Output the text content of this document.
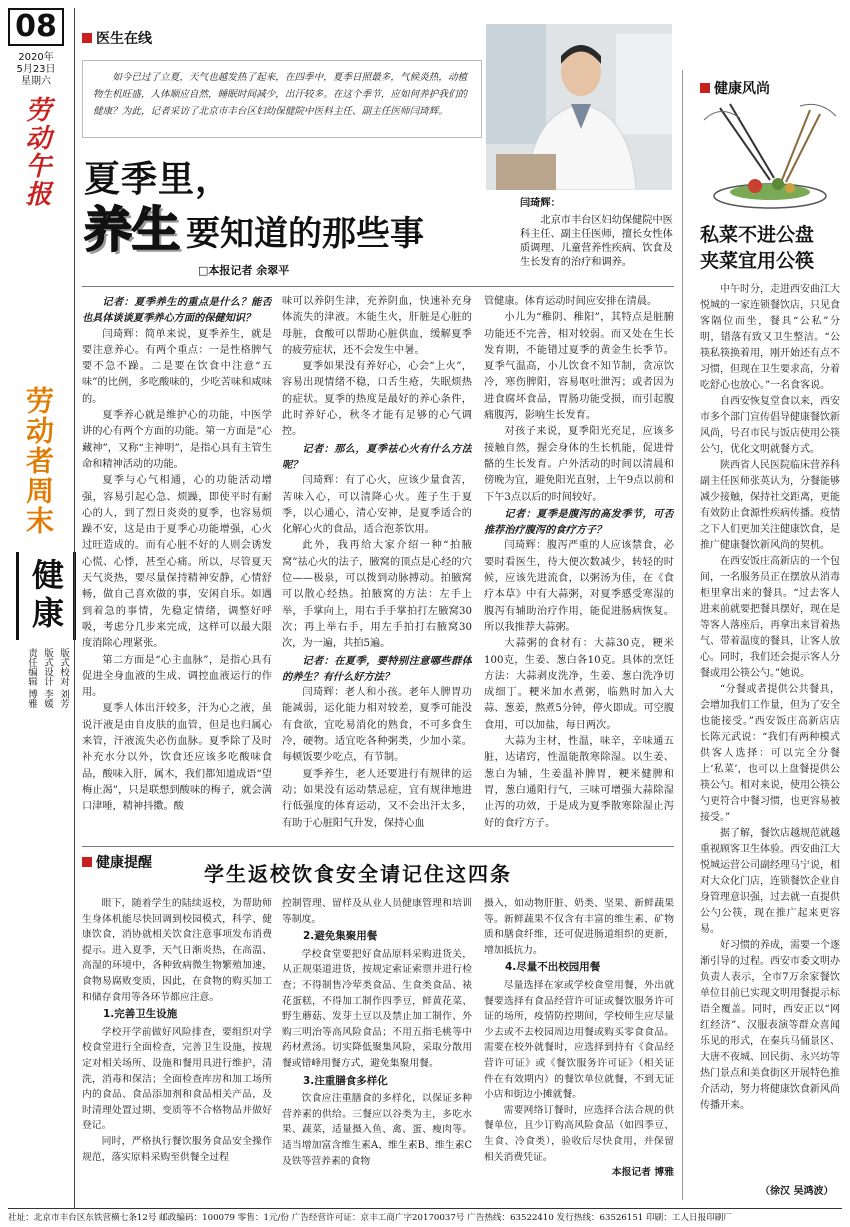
08
2020年
5月23日
星期六
劳动午报
劳动者周末
健康
版式校对 刘芳
版式设计 李媛
责任编辑 博雅
医生在线
如今已过了立夏，天气也越发热了起来，在四季中，夏季日照最多，气候炎热，动植物生机旺盛，人体顺应自然，睡眠时间减少，出汗较多。在这个季节，应如何养护我们的健康？为此，记者采访了北京市丰台区妇幼保健院中医科主任、副主任医师闫琦辉。
夏季里，
养生 要知道的那些事
□本报记者 余翠平
闫琦辉：
北京市丰台区妇幼保健院中医科主任、副主任医师，擅长女性体质调理、儿童营养性疾病、饮食及生长发育的治疗和调养。

记者：夏季养生的重点是什么？能否也具体谈谈夏季养心方面的保健知识？

闫琦辉：简单来说，夏季养生，就是要注意养心。有两个重点：一是性格脾气要不急不躁。二是要在饮食中注意“五味”的比例，多吃酸味的，少吃苦味和咸味的。

夏季养心就是维护心的功能，中医学讲的心有两个方面的功能。第一方面是“心藏神”，又称“主神明”，是指心具有主管生命和精神活动的功能。

夏季与心气相通，心的功能活动增强，容易引起心急、烦躁，即使平时有耐心的人，到了烈日炎炎的夏季，也容易烦躁不安，这是由于夏季心功能增强，心火过旺造成的。而有心脏不好的人则会诱发心慌、心悸，甚至心痛。所以，尽管夏天天气炎热，要尽量保持精神安静，心情舒畅，做自己喜欢做的事，安闲自乐。如遇到着急的事情，先稳定情绪，调整好呼吸，考虑分几步来完成，这样可以最大限度消除心理紧张。

第二方面是“心主血脉”，是指心具有促进全身血液的生成、调控血液运行的作用。

夏季人体出汗较多，汗为心之液，虽说汗液是由自皮肤的血管，但是也归属心来管，汗液流失必伤血脉。夏季除了及时补充水分以外，饮食还应该多吃酸味食品，酸味入肝，属木，我们都知道成语“望梅止渴”，只是联想到酸味的梅子，就会满口津唾，精神抖擞。酸

味可以养阴生津，充养阴血，快速补充身体流失的津液。木能生火，肝脏是心脏的母脏，食酸可以帮助心脏供血，缓解夏季的疲劳症状，还不会发生中暑。

夏季如果没有养好心，心会“上火”，容易出现情绪不稳，口舌生疮，失眠烦热的症状。夏季的热度是最好的养心条件，此时养好心，秋冬才能有足够的心气调控。

记者：那么，夏季祛心火有什么方法呢？

闫琦辉：有了心火，应该少量食苦，苦味入心，可以清降心火。莲子生于夏季，以心通心，清心安神，是夏季适合的化解心火的食品，适合泡茶饮用。

此外，我再给大家介绍一种“拍腋窝”祛心火的法子，腋窝的顶点是心经的穴位——极泉，可以拨到动脉搏动。拍腋窝可以散心经热。拍腋窝的方法：左手上举，手掌向上，用右手手掌拍打左腋窝30次；再上举右手，用左手拍打右腋窝30次，为一遍，共拍5遍。

记者：在夏季，要特别注意哪些群体的养生？有什么好方法？

闫琦辉：老人和小孩。老年人脾胃功能减弱，运化能力相对较差，夏季可能没有食欲，宜吃易消化的熟食，不可多食生冷，硬物。适宜吃各种粥类，少加小菜。每顿饭要少吃点，有节制。

夏季养生，老人还要进行有规律的运动；如果没有运动禁忌症，宜有规律地进行低强度的体育运动，又不会出汗太多，有助于心脏阳气升发，保持心血

管健康。体育运动时间应安排在清晨。

小儿为“稚阴、稚阳”，其特点是脏腑功能还不完善，相对较弱。而又处在生长发育期，不能错过夏季的黄金生长季节。夏季气温高，小儿饮食不知节制，贪凉饮冷，寒伤脾阳，容易呕吐泄泻；或者因为进食腐坏食品，胃肠功能受损，而引起腹痛腹泻，影响生长发育。

对孩子来说，夏季阳光充足，应该多接触自然，握会身体的生长机能，促进骨骼的生长发育。户外活动的时间以清晨和傍晚为宜，避免阳光直射，上午9点以前和下午3点以后的时间较好。

记者：夏季是腹泻的高发季节，可否推荐治疗腹泻的食疗方子？

闫琦辉：腹泻严重的人应该禁食，必要时看医生，待大便次数减少，转轻的时候，应该先进流食，以粥汤为佳，在《食疗本草》中有大蒜粥，对夏季感受寒湿的腹泻有辅助治疗作用，能促进肠病恢复。所以我推荐大蒜粥。

大蒜粥的食材有：大蒜30克，粳米100克，生姜、葱白各10克。具体的烹饪方法：大蒜剥皮洗净，生姜、葱白洗净切成细丁。粳米加水煮粥，临熟时加入大蒜、葱姜，熬煮5分钟，停火即成。可空腹食用，可以加盐，每日两次。

大蒜为主材，性温，味辛，辛味通五脏，达诸窍，性温能散寒除湿。以生姜、葱白为辅，生姜温补脾胃，粳米健脾和胃，葱白通阳行气，三味可增强大蒜除湿止泻的功效，于是成为夏季散寒除湿止泻好的食疗方子。

健康风尚
私菜不进公盘
夹菜宜用公筷

中午时分，走进西安曲江大悦城的一家连锁餐饮店，只见食客隔位而坐，餐具“公私”分明，错落有致又卫生整洁。“公筷私筷换着用，刚开始还有点不习惯，但现在卫生要求高，分着吃舒心也放心。”一名食客说。

自西安恢复堂食以来，西安市多个部门宣传倡导健康餐饮新风尚，号召市民与饭店使用公筷公勺，优化文明就餐方式。

陕西省人民医院临床营养科副主任医师张英认为，分餐能够减少接触，保持社交距离，更能有效防止食源性疾病传播。疫情之下人们更加关注健康饮食，是推广健康餐饮新风尚的契机。

在西安饭庄高新店的一个包间，一名服务员正在摆放从消毒柜里拿出来的餐具。“过去客人进来前就要把餐具摆好，现在是等客人落座后，再拿出来冒着热气、带着温度的餐具，让客人放心。同时，我们还会提示客人分餐或用公筷公勺。”她说。

“分餐或者提供公共餐具，会增加我们工作量，但为了安全也能接受。”西安饭庄高新店店长陈元武说：“我们有两种模式供客人选择：可以完全分餐上‘私菜’，也可以上盘餐提供公筷公勺。相对来说，使用公筷公勺更符合中餐习惯，也更容易被接受。”

据了解，餐饮店越规范就越重视顾客卫生体验。西安曲江大悦城运营公司副经理马宁说，相对大众化门店，连锁餐饮企业自身管理意识强，过去就一直提供公勺公筷，现在推广起来更容易。

好习惯的养成，需要一个逐渐引导的过程。西安市委文明办负责人表示，全市7万余家餐饮单位目前已实现文明用餐提示标语全覆盖。同时，西安正以“网红经济”、汉服表演等群众喜闻乐见的形式，在秦兵马俑景区、大唐不夜城、回民街、永兴坊等热门景点和美食街区开展特色推介活动，努力将健康饮食新风尚传播开来。

（徐汉 吴鸿波）
健康提醒	学生返校饮食安全请记住这四条

眼下，随着学生的陆续返校，为帮助师生身体机能尽快回调到校园模式，科学、健康饮食，消协就相关饮食注意事项发布消费提示。进入夏季，天气日渐炎热，在高温、高湿的环境中，各种致病微生物繁殖加速，食物易腐败变质，因此，在食物的购买加工和储存食用等各环节都应注意。

1.完善卫生设施

学校开学前做好风险排查，要组织对学校食堂进行全面检查，完善卫生设施，按规定对相关场所、设施和餐用具进行维护，清洗，消毒和保洁；全面检查库房和加工场所内的食品、食品添加剂和食品相关产品，及时清理处置过期、变质等不合格物品并做好登记。

同时，严格执行餐饮服务食品安全操作规范，落实原料采购至供餐全过程

控制管理、留样及从业人员健康管理和培训等制度。

2.避免集聚用餐

学校食堂要把好食品原料采购进货关，从正规渠道进货，按规定索证索票并进行检查；不得制售冷荤类食品、生食类食品、裱花蛋糕，不得加工制作四季豆，鲜黄花菜、野生蘑菇、发芽土豆以及禁止加工制作、外购三明治等高风险食品；不用五指毛桃等中药材煮汤。切实降低聚集风险，采取分散用餐或错峰用餐方式，避免集聚用餐。

3.注重膳食多样化

饮食应注重膳食的多样化，以保证多种营养素的供给。三餐应以谷类为主，多吃水果、蔬菜，适量摄入鱼、禽、蛋、瘦肉等。适当增加富含维生素A、维生素B、维生素C及铁等营养素的食物

摄入，如动物肝脏、奶类、坚果、新鲜蔬果等。新鲜蔬果不仅含有丰富的维生素、矿物质和膳食纤维，还可促进肠道组织的更新，增加抵抗力。

4.尽量不出校园用餐

尽量选择在家或学校食堂用餐，外出就餐要选择有食品经营许可证或餐饮服务许可证的场所，疫情防控期间，学校师生应尽量少去或不去校园周边用餐或购买零食食品。需要在校外就餐时，应选择到持有《食品经营许可证》或《餐饮服务许可证》（相关证件在有效期内）的餐饮单位就餐，不到无证小店和街边小摊就餐。

需要网络订餐时，应选择合法合规的供餐单位，且少订购高风险食品（如四季豆、生食、冷食类），验收后尽快食用，并保留相关消费凭证。

本报记者 博雅

社址：北京市丰台区东铁营横七条12号 邮政编码：100079 零售：1元/份 广告经营许可证：京丰工商广字20170037号 广告热线：63522410 发行热线：63526151 印刷：工人日报印刷厂
